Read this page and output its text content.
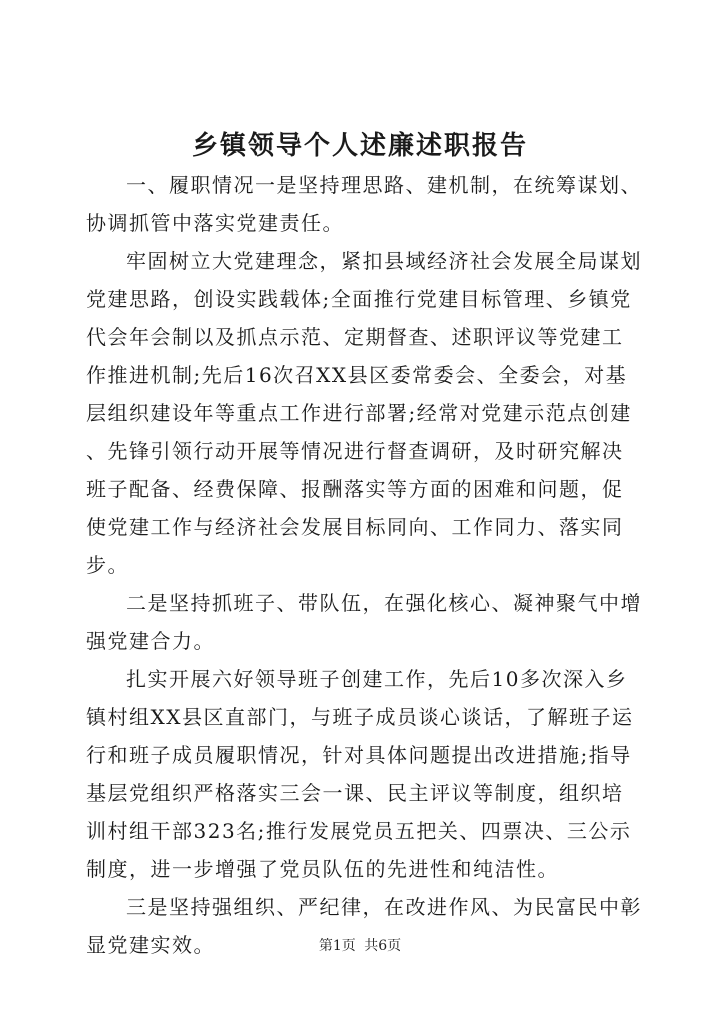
乡镇领导个人述廉述职报告

一、履职情况一是坚持理思路、建机制，在统筹谋划、协调抓管中落实党建责任。

牢固树立大党建理念，紧扣县域经济社会发展全局谋划党建思路，创设实践载体;全面推行党建目标管理、乡镇党代会年会制以及抓点示范、定期督查、述职评议等党建工作推进机制;先后16次召XX县区委常委会、全委会，对基层组织建设年等重点工作进行部署;经常对党建示范点创建、先锋引领行动开展等情况进行督查调研，及时研究解决班子配备、经费保障、报酬落实等方面的困难和问题，促使党建工作与经济社会发展目标同向、工作同力、落实同步。

二是坚持抓班子、带队伍，在强化核心、凝神聚气中增强党建合力。

扎实开展六好领导班子创建工作，先后10多次深入乡镇村组XX县区直部门，与班子成员谈心谈话，了解班子运行和班子成员履职情况，针对具体问题提出改进措施;指导基层党组织严格落实三会一课、民主评议等制度，组织培训村组干部323名;推行发展党员五把关、四票决、三公示制度，进一步增强了党员队伍的先进性和纯洁性。

三是坚持强组织、严纪律，在改进作风、为民富民中彰显党建实效。	第1页 共6页
